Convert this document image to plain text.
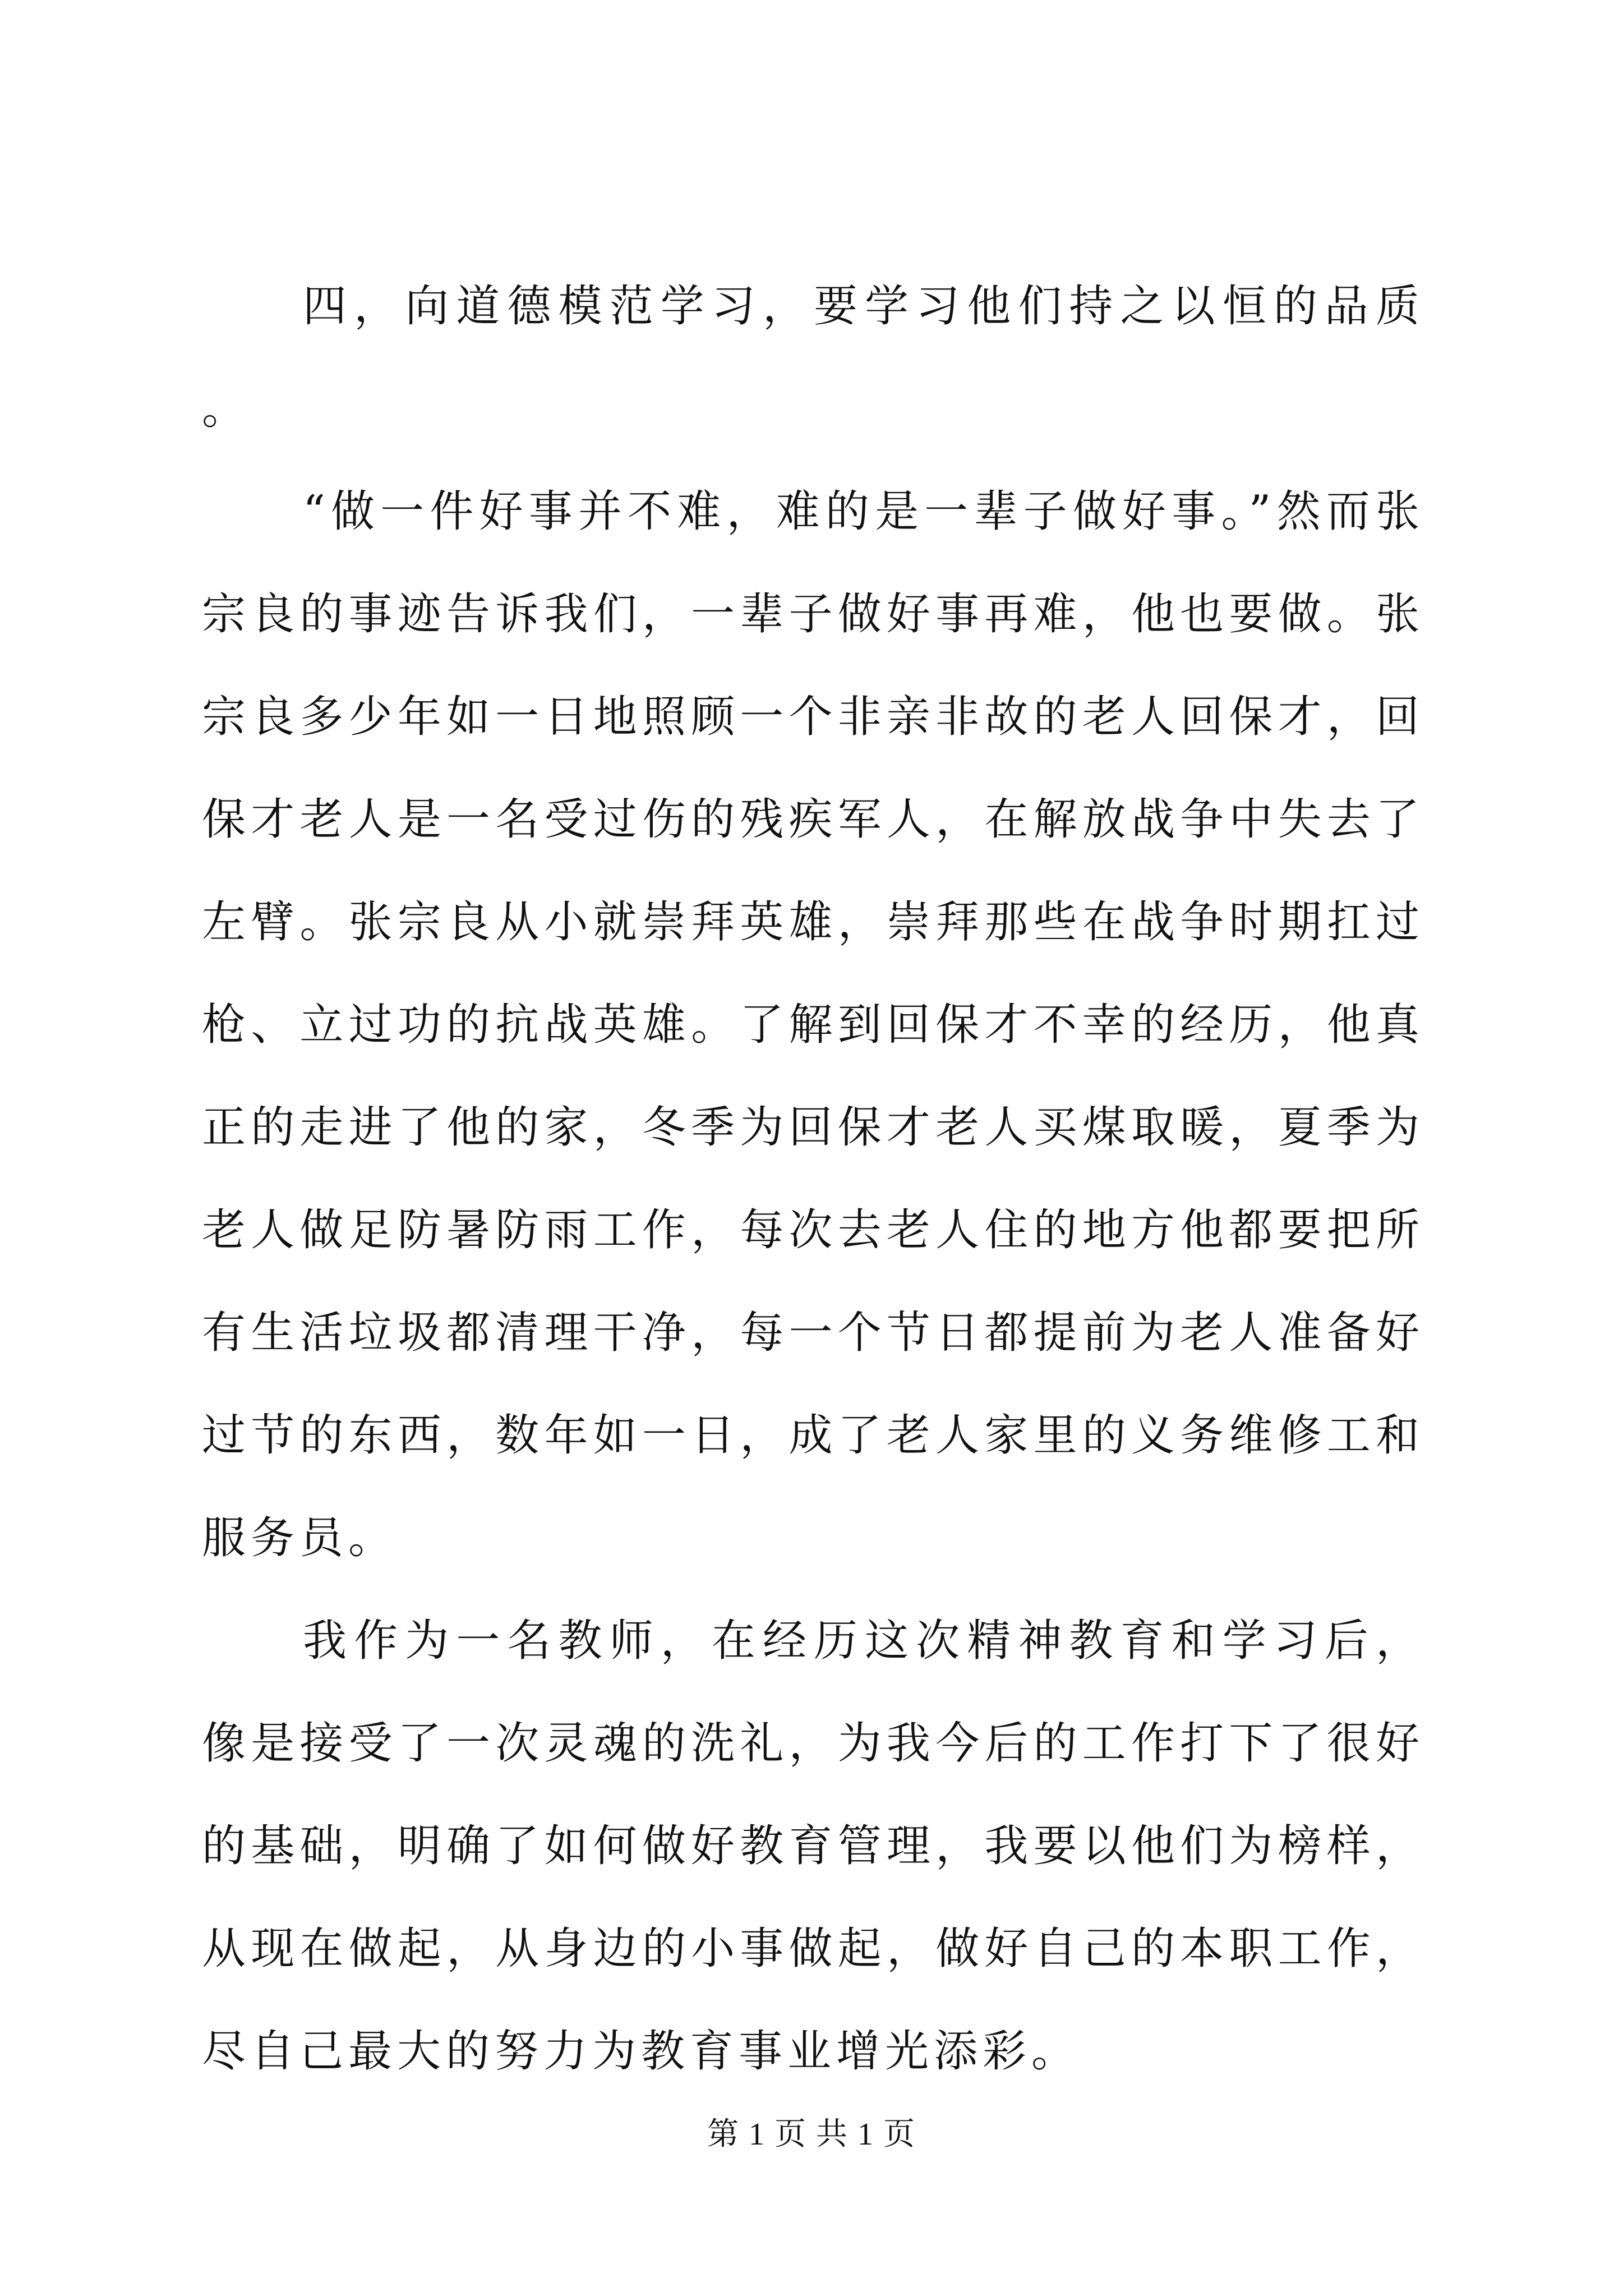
四，向道德模范学习，要学习他们持之以恒的品质。

“做一件好事并不难，难的是一辈子做好事。”然而张宗良的事迹告诉我们，一辈子做好事再难，他也要做。张宗良多少年如一日地照顾一个非亲非故的老人回保才，回保才老人是一名受过伤的残疾军人，在解放战争中失去了左臂。张宗良从小就崇拜英雄，崇拜那些在战争时期扛过枪、立过功的抗战英雄。了解到回保才不幸的经历，他真正的走进了他的家，冬季为回保才老人买煤取暖，夏季为老人做足防暑防雨工作，每次去老人住的地方他都要把所有生活垃圾都清理干净，每一个节日都提前为老人准备好过节的东西，数年如一日，成了老人家里的义务维修工和服务员。

我作为一名教师，在经历这次精神教育和学习后，像是接受了一次灵魂的洗礼，为我今后的工作打下了很好的基础，明确了如何做好教育管理，我要以他们为榜样，从现在做起，从身边的小事做起，做好自己的本职工作，尽自己最大的努力为教育事业增光添彩。

第 1 页 共 1 页
